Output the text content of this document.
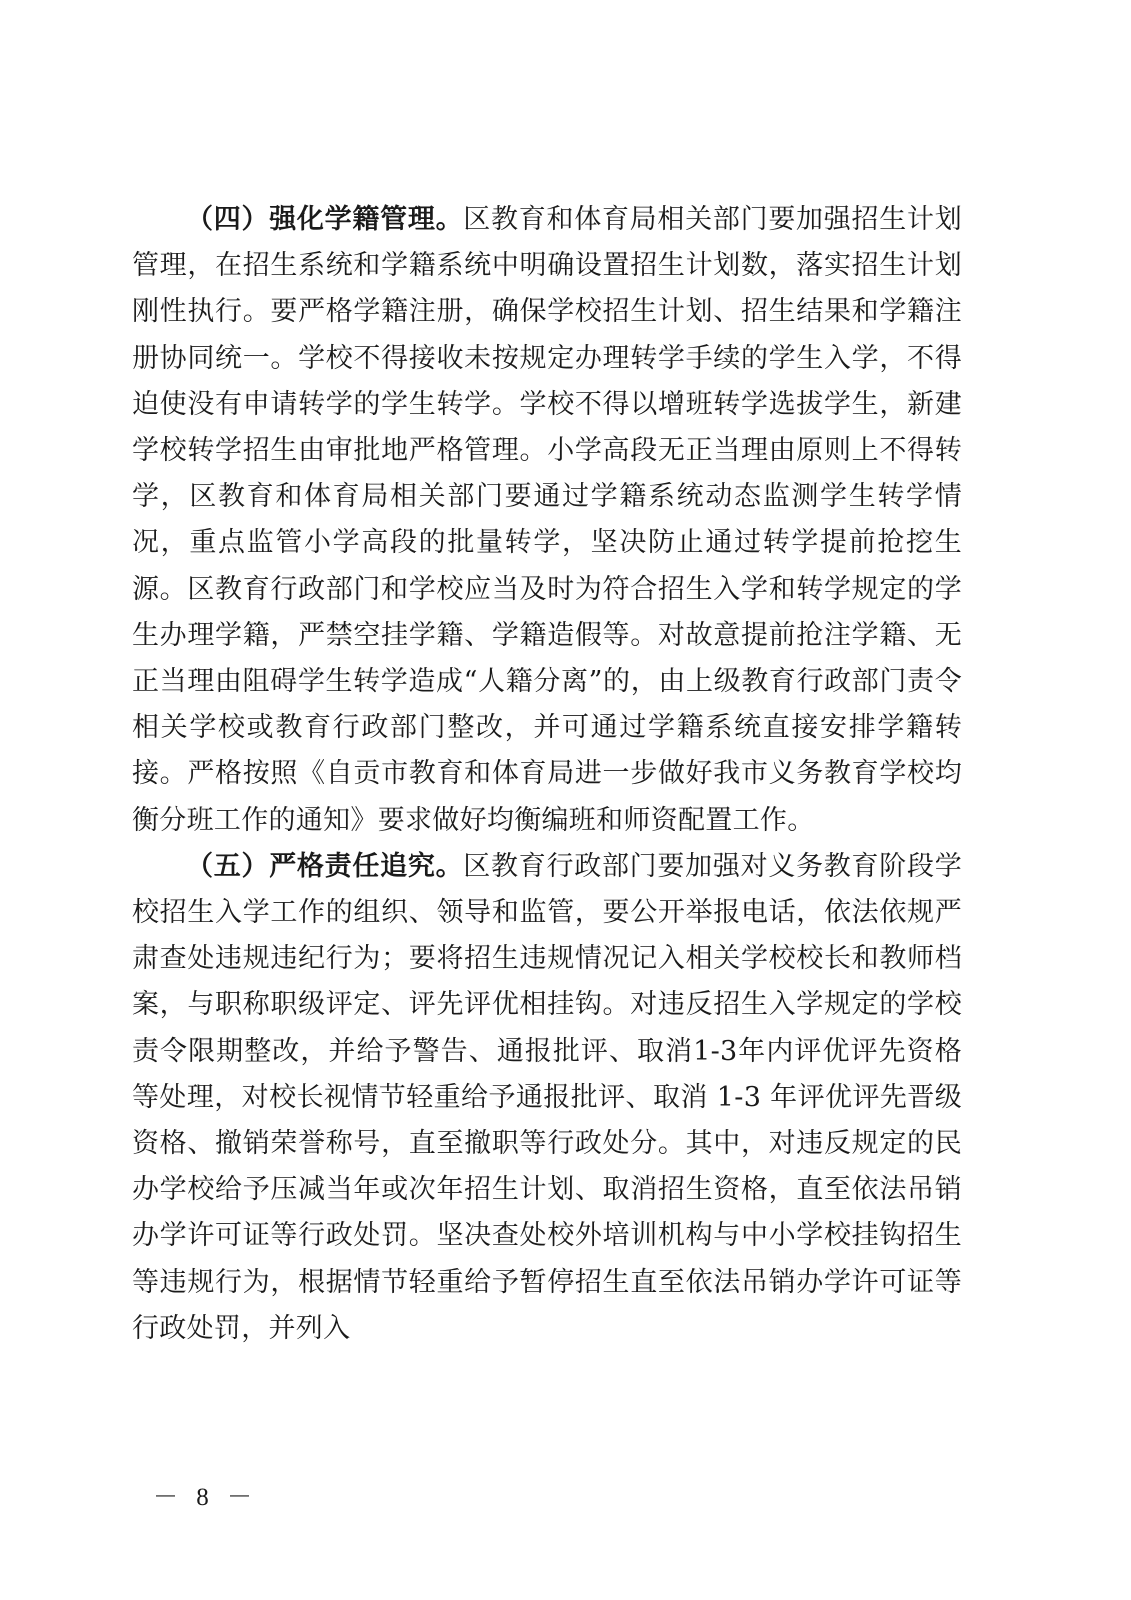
（四）强化学籍管理。区教育和体育局相关部门要加强招生计划管理，在招生系统和学籍系统中明确设置招生计划数，落实招生计划刚性执行。要严格学籍注册，确保学校招生计划、招生结果和学籍注册协同统一。学校不得接收未按规定办理转学手续的学生入学，不得迫使没有申请转学的学生转学。学校不得以增班转学选拔学生，新建学校转学招生由审批地严格管理。小学高段无正当理由原则上不得转学，区教育和体育局相关部门要通过学籍系统动态监测学生转学情况，重点监管小学高段的批量转学，坚决防止通过转学提前抢挖生源。区教育行政部门和学校应当及时为符合招生入学和转学规定的学生办理学籍，严禁空挂学籍、学籍造假等。对故意提前抢注学籍、无正当理由阻碍学生转学造成“人籍分离”的，由上级教育行政部门责令相关学校或教育行政部门整改，并可通过学籍系统直接安排学籍转接。严格按照《自贡市教育和体育局进一步做好我市义务教育学校均衡分班工作的通知》要求做好均衡编班和师资配置工作。

（五）严格责任追究。区教育行政部门要加强对义务教育阶段学校招生入学工作的组织、领导和监管，要公开举报电话，依法依规严肃查处违规违纪行为；要将招生违规情况记入相关学校校长和教师档案，与职称职级评定、评先评优相挂钩。对违反招生入学规定的学校责令限期整改，并给予警告、通报批评、取消1-3年内评优评先资格等处理，对校长视情节轻重给予通报批评、取消 1-3 年评优评先晋级资格、撤销荣誉称号，直至撤职等行政处分。其中，对违反规定的民办学校给予压减当年或次年招生计划、取消招生资格，直至依法吊销办学许可证等行政处罚。坚决查处校外培训机构与中小学校挂钩招生等违规行为，根据情节轻重给予暂停招生直至依法吊销办学许可证等行政处罚，并列入

－ 8 －
